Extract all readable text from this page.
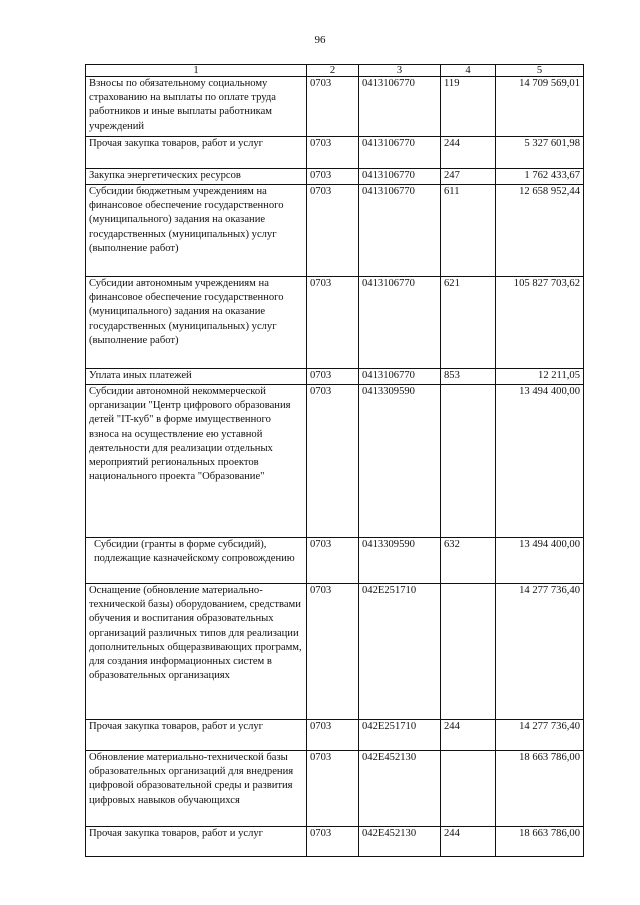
96
1	2	3	4	5
Взносы по обязательному социальному страхованию на выплаты по оплате труда работников и иные выплаты работникам учреждений	0703	0413106770	119	14 709 569,01
Прочая закупка товаров, работ и услуг	0703	0413106770	244	5 327 601,98
Закупка энергетических ресурсов	0703	0413106770	247	1 762 433,67
Субсидии бюджетным учреждениям на финансовое обеспечение государственного (муниципального) задания на оказание государственных (муниципальных) услуг (выполнение работ)	0703	0413106770	611	12 658 952,44
Субсидии автономным учреждениям на финансовое обеспечение государственного (муниципального) задания на оказание государственных (муниципальных) услуг (выполнение работ)	0703	0413106770	621	105 827 703,62
Уплата иных платежей	0703	0413106770	853	12 211,05
Субсидии автономной некоммерческой организации "Центр цифрового образования детей "IT-куб" в форме имущественного взноса на осуществление ею уставной деятельности для реализации отдельных мероприятий региональных проектов национального проекта "Образование"	0703	0413309590		13 494 400,00
Субсидии (гранты в форме субсидий), подлежащие казначейскому сопровождению	0703	0413309590	632	13 494 400,00
Оснащение (обновление материально-технической базы) оборудованием, средствами обучения и воспитания образовательных организаций различных типов для реализации дополнительных общеразвивающих программ, для создания информационных систем в образовательных организациях	0703	042E251710		14 277 736,40
Прочая закупка товаров, работ и услуг	0703	042E251710	244	14 277 736,40
Обновление материально-технической базы образовательных организаций для внедрения цифровой образовательной среды и развития цифровых навыков обучающихся	0703	042E452130		18 663 786,00
Прочая закупка товаров, работ и услуг	0703	042E452130	244	18 663 786,00
